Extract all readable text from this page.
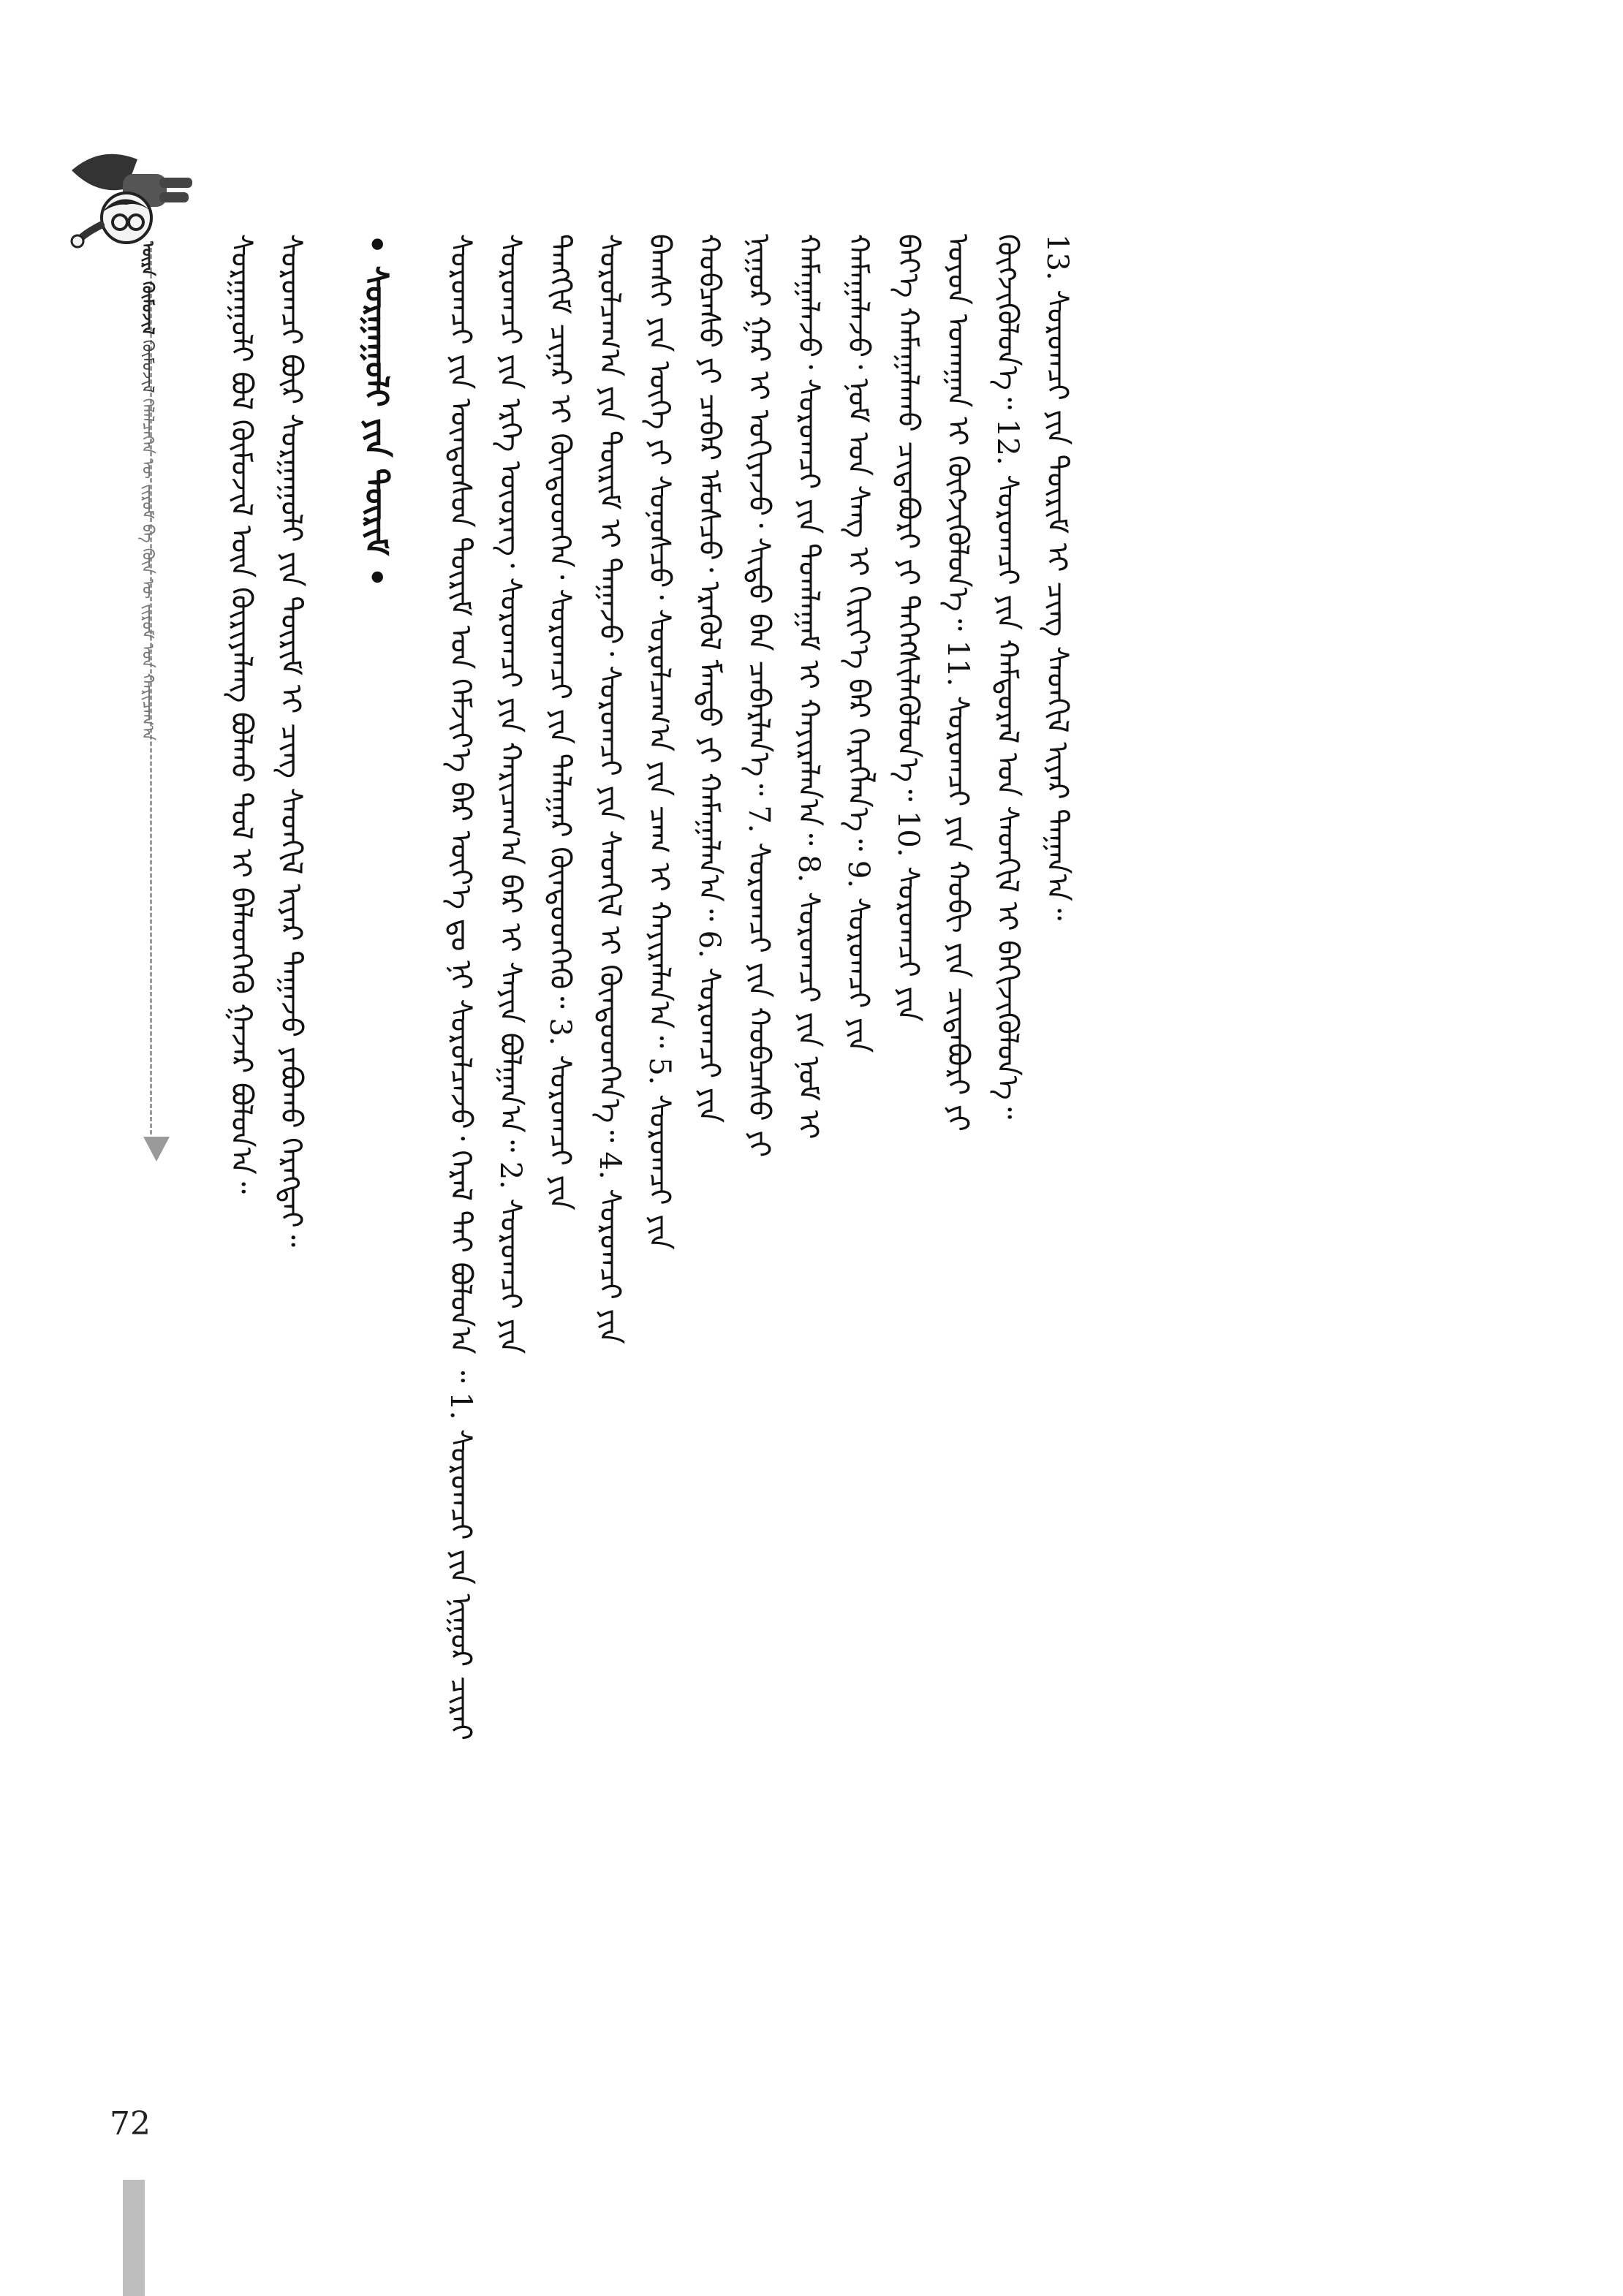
ᠦᠷᠡ ᠬᠦᠮᠦᠵᠢᠯ ᠬᠦᠮᠦᠵᠢᠯ ᠬᠡᠯᠡᠯᠴᠡᠭᠡᠨ ᠦ ᠵᠢᠷᠤᠮ ᠪᠠ ᠬᠦᠨ ᠦ ᠵᠢᠷᠤᠮ ᠤᠨ ᠬᠠᠷᠢᠴᠠᠭ᠎ᠠ ᠰᠤᠷᠭᠠᠭᠤᠯᠢ ᠪᠣᠯ ᠬᠦᠮᠦᠵᠢᠯ ᠦᠨ ᠬᠦᠷᠢᠶᠡᠯᠡᠩ ᠪᠣᠯᠬᠤ ᠳᠤᠯ ᠢ ᠪᠡᠯᠡᠳᠬᠡᠬᠦ ᠭᠠᠵᠠᠷ ᠪᠣᠯᠤᠨ᠎ᠠ᠃ ᠰᠤᠷᠤᠭᠴᠢ ᠪᠦᠷ ᠰᠤᠷᠭᠠᠭᠤᠯᠢ ᠶᠢᠨ ᠳᠦᠷᠢᠮ ᠢ ᠴᠢᠩ ᠰᠡᠳᠬᠢᠯ ᠢᠶᠡᠷ ᠳᠠᠭᠠᠵᠤ ᠶᠠᠪᠤᠬᠤ ᠬᠡᠷᠡᠭᠲᠡᠢ᠃ • ᠰᠤᠷᠭᠠᠭᠤᠯᠢ ᠶᠢᠨ ᠳᠦᠷᠢᠮ • ᠰᠤᠷᠤᠭᠴᠢ ᠶᠢᠨ ᠦᠨᠳᠦᠰᠦᠨ ᠳᠦᠷᠢᠮ ᠤᠨ ᠬᠡᠮᠵᠢᠶ᠎ᠡ ᠪᠡᠷ ᠦᠶ᠎ᠡ ᠳᠤ ᠨᠢ ᠰᠤᠷᠤᠯᠴᠠᠵᠤ᠂ ᠭᠡᠷᠡᠯ ᠲᠡᠶ ᠪᠣᠯᠤᠨ᠎ᠠ ᠃ 1. ᠰᠤᠷᠤᠭᠴᠢ ᠶᠢᠨ ᠨᠢᠭᠤᠷ ᠴᠢᠷᠠᠢ ᠰᠤᠷᠤᠭᠴᠢ ᠶᠢᠨ ᠡᠷᠬᠡ ᠦᠦᠷᠡᠭ᠂ ᠰᠤᠷᠤᠭᠴᠢ ᠶᠢᠨ ᠬᠠᠷᠢᠴᠠᠭ᠎ᠠ ᠪᠠᠷ ᠢ ᠰᠠᠶᠢᠨ ᠪᠣᠯᠭᠠᠨ᠎ᠠ᠃ 2. ᠰᠤᠷᠤᠭᠴᠢ ᠶᠢᠨ ᠲᠠᠩᠬᠢᠮ ᠴᠢᠨᠠᠷ ᠢ ᠬᠦᠨᠳᠦᠳᠬᠡᠨ᠂ ᠰᠤᠷᠤᠭᠴᠢ ᠶᠢᠨ ᠲᠠᠯᠠᠭᠠᠷ ᠬᠦᠨᠳᠦᠳᠬᠡᠬᠦ᠃ 3. ᠰᠤᠷᠤᠭᠴᠢ ᠶᠢᠨ ᠰᠤᠷᠤᠯᠴᠠᠭ᠎ᠠ ᠶᠢᠨ ᠳᠦᠷᠢᠮ ᠢ ᠳᠠᠭᠠᠵᠤ᠂ ᠰᠤᠷᠤᠭᠴᠢ ᠶᠢᠨ ᠰᠡᠳᠬᠢᠯ ᠢ ᠬᠦᠨᠳᠦᠳᠬᠡᠨ᠎ᠡ᠃ 4. ᠰᠤᠷᠤᠭᠴᠢ ᠶᠢᠨ ᠪᠠᠭᠰᠢ ᠶᠢᠨ ᠦᠭᠡ ᠶᠢ ᠰᠣᠨᠣᠰᠴᠤ᠂ ᠰᠤᠷᠤᠯᠴᠠᠭ᠎ᠠ ᠶᠢᠨ ᠴᠠᠭ ᠢ ᠬᠠᠶᠢᠷᠠᠯᠠᠨ᠎ᠠ᠃ 5. ᠰᠤᠷᠤᠭᠴᠢ ᠶᠢᠨ ᠬᠤᠪᠴᠠᠰᠤ ᠶᠢ ᠴᠡᠪᠡᠷ ᠡᠮᠦᠰᠴᠦ᠂ ᠡᠷᠡᠬᠦᠯ ᠮᠡᠨᠳᠦ ᠶᠢ ᠬᠠᠮᠠᠭᠠᠯᠠᠨ᠎ᠠ᠃ 6. ᠰᠤᠷᠤᠭᠴᠢ ᠶᠢᠨ ᠨᠢᠭᠤᠷ ᠭᠠᠷ ᠢ ᠤᠭᠢᠶᠠᠵᠤ᠂ ᠰᠢᠳᠦ ᠪᠡᠨ ᠴᠡᠪᠡᠷᠯᠡᠨ᠎ᠡ᠃ 7. ᠰᠤᠷᠤᠭᠴᠢ ᠶᠢᠨ ᠬᠤᠪᠴᠠᠰᠤ ᠶᠢ ᠬᠠᠮᠠᠭᠠᠯᠠᠵᠤ᠂ ᠰᠤᠷᠤᠭᠴᠢ ᠶᠢᠨ ᠲᠣᠭᠯᠠᠭᠠᠮ ᠢ ᠬᠠᠶᠢᠷᠠᠯᠠᠨ᠎ᠠ᠃ 8. ᠰᠤᠷᠤᠭᠴᠢ ᠶᠢᠨ ᠨᠣᠮ ᠢ ᠬᠠᠮᠠᠭᠠᠯᠠᠵᠤ᠂ ᠨᠣᠮ ᠤᠨ ᠰᠠᠩ ᠢ ᠬᠢᠷᠢᠶ᠎ᠡ ᠪᠠᠷ ᠬᠡᠷᠡᠭᠯᠡᠨ᠎ᠡ᠃ 9. ᠰᠤᠷᠤᠭᠴᠢ ᠶᠢᠨ ᠪᠡᠶ᠎ᠡ ᠬᠠᠮᠠᠭᠠᠯᠠᠬᠤ ᠴᠢᠳᠠᠪᠤᠷᠢ ᠶᠢ ᠳᠡᠭᠡᠭᠰᠢᠯᠡᠭᠦᠯᠦᠨ᠎ᠡ᠃ 10. ᠰᠤᠷᠤᠭᠴᠢ ᠶᠢᠨ ᠣᠶᠤᠨ ᠤᠬᠠᠭᠠᠨ ᠢ ᠬᠦᠭᠵᠢᠭᠦᠯᠦᠨ᠎ᠡ᠃ 11. ᠰᠤᠷᠤᠭᠴᠢ ᠶᠢᠨ ᠬᠤᠪᠢ ᠶᠢᠨ ᠴᠢᠳᠠᠪᠤᠷᠢ ᠶᠢ ᠬᠦᠭᠵᠢᠭᠦᠯᠦᠨ᠎ᠡ᠃ 12. ᠰᠤᠷᠤᠭᠴᠢ ᠶᠢᠨ ᠬᠠᠮᠲᠤᠷᠠᠯ ᠤᠨ ᠰᠡᠳᠬᠢᠯ ᠢ ᠪᠡᠬᠢᠵᠢᠭᠦᠯᠦᠨ᠎ᠡ᠃ 13. ᠰᠤᠷᠤᠭᠴᠢ ᠶᠢᠨ ᠳᠦᠷᠢᠮ ᠢ ᠴᠢᠩ ᠰᠡᠳᠬᠢᠯ ᠢᠶᠡᠷ ᠳᠠᠭᠠᠨ᠎ᠠ᠃
72
